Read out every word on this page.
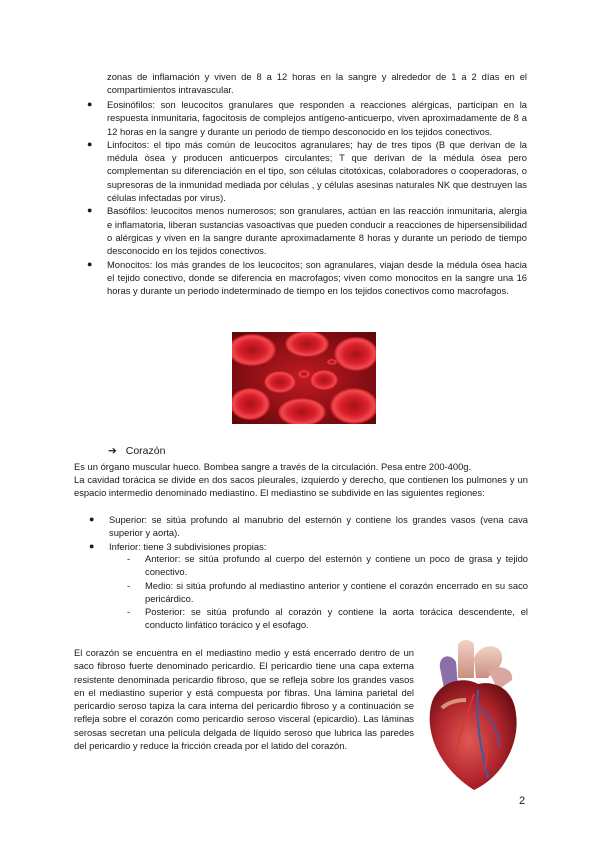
zonas de inflamación y viven de 8 a 12 horas en la sangre y alrededor de 1 a 2 días en el compartimientos intravascular.
● Eosinófilos: son leucocitos granulares que responden a reacciones alérgicas, participan en la respuesta inmunitaria, fagocitosis de complejos antígeno-anticuerpo, viven aproximadamente de 8 a 12 horas en la sangre y durante un periodo de tiempo desconocido en los tejidos conectivos.
● Linfocitos: el tipo más común de leucocitos agranulares; hay de tres tipos (B que derivan de la médula ósea y producen anticuerpos circulantes; T que derivan de la médula ósea pero complementan su diferenciación en el tipo, son células citotóxicas, colaboradores o cooperadoras, o supresoras de la inmunidad mediada por células , y células asesinas naturales NK que destruyen las células infectadas por virus).
● Basófilos: leucocitos menos numerosos; son granulares, actúan en las reacción inmunitaria, alergia e inflamatoria, liberan sustancias vasoactivas que pueden conducir a reacciones de hipersensibilidad o alérgicas y viven en la sangre durante aproximadamente 8 horas y durante un periodo de tiempo desconocido en los tejidos conectivos.
● Monocitos: los más grandes de los leucocitos; son agranulares, viajan desde la médula ósea hacia el tejido conectivo, donde se diferencia en macrofagos; viven como monocitos en la sangre una 16 horas y durante un periodo indeterminado de tiempo en los tejidos conectivos como macrofagos.
➔ Corazón
Es un órgano muscular hueco. Bombea sangre a través de la circulación. Pesa entre 200-400g.
La cavidad torácica se divide en dos sacos pleurales, izquierdo y derecho, que contienen los pulmones y un espacio intermedio denominado mediastino. El mediastino se subdivide en las siguientes regiones:
● Superior: se sitúa profundo al manubrio del esternón y contiene los grandes vasos (vena cava superior y aorta).
● Inferior: tiene 3 subdivisiones propias:
- Anterior: se sitúa profundo al cuerpo del esternón y contiene un poco de grasa y tejido conectivo.
- Medio: si sitúa profundo al mediastino anterior y contiene el corazón encerrado en su saco pericárdico.
- Posterior: se sitúa profundo al corazón y contiene la aorta torácica descendente, el conducto linfático torácico y el esofago.
El corazón se encuentra en el mediastino medio y está encerrado dentro de un saco fibroso fuerte denominado pericardio. El pericardio tiene una capa externa resistente denominada pericardio fibroso, que se refleja sobre los grandes vasos en el mediastino superior y está compuesta por fibras. Una lámina parietal del pericardio seroso tapiza la cara interna del pericardio fibroso y a continuación se refleja sobre el corazón como pericardio seroso visceral (epicardio). Las láminas serosas secretan una película delgada de líquido seroso que lubrica las paredes del pericardio y reduce la fricción creada por el latido del corazón.
2
